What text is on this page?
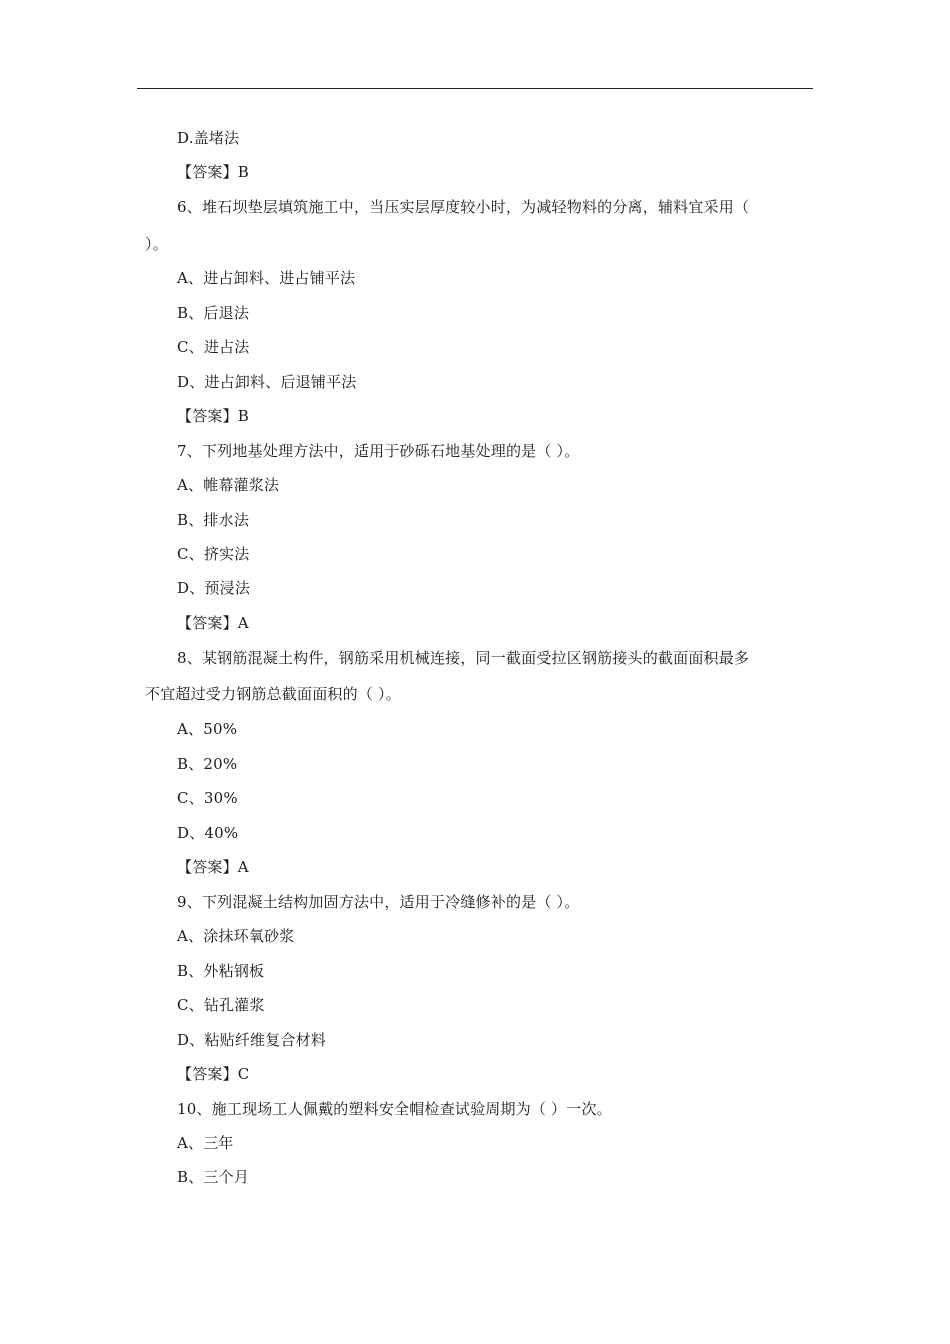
D.盖堵法
【答案】B
6、堆石坝垫层填筑施工中，当压实层厚度较小时，为减轻物料的分离，辅料宜采用（
）。
A、进占卸料、进占铺平法
B、后退法
C、进占法
D、进占卸料、后退铺平法
【答案】B
7、下列地基处理方法中，适用于砂砾石地基处理的是（ ）。
A、帷幕灌浆法
B、排水法
C、挤实法
D、预浸法
【答案】A
8、某钢筋混凝土构件，钢筋采用机械连接，同一截面受拉区钢筋接头的截面面积最多
不宜超过受力钢筋总截面面积的（ ）。
A、50%
B、20%
C、30%
D、40%
【答案】A
9、下列混凝土结构加固方法中，适用于冷缝修补的是（ ）。
A、涂抹环氧砂浆
B、外粘钢板
C、钻孔灌浆
D、粘贴纤维复合材料
【答案】C
10、施工现场工人佩戴的塑料安全帽检查试验周期为（ ）一次。
A、三年
B、三个月
